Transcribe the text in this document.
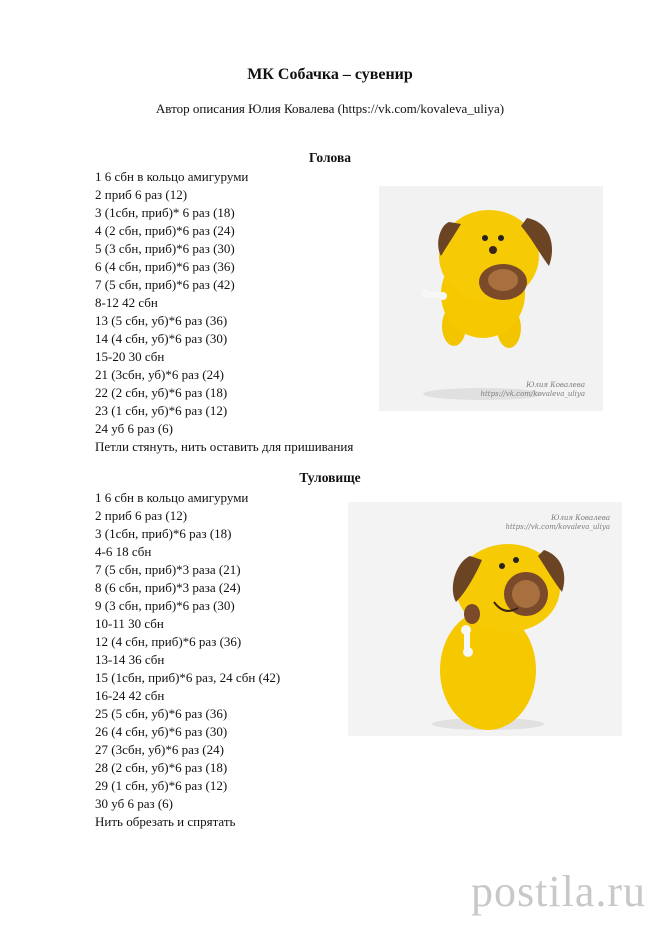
МК Собачка – сувенир
Автор описания Юлия Ковалева (https://vk.com/kovaleva_uliya)
Голова
1 6 сбн в кольцо амигуруми
2 приб 6 раз (12)
3 (1сбн, приб)* 6 раз (18)
4 (2 сбн, приб)*6 раз (24)
5 (3 сбн, приб)*6 раз (30)
6 (4 сбн, приб)*6 раз (36)
7 (5 сбн, приб)*6 раз (42)
8-12 42 сбн
13 (5 сбн, уб)*6 раз (36)
14 (4 сбн, уб)*6 раз (30)
15-20 30 сбн
21 (3сбн, уб)*6 раз (24)
22 (2 сбн, уб)*6 раз (18)
23 (1 сбн, уб)*6 раз (12)
24 уб 6 раз (6)
Петли стянуть, нить оставить для пришивания
Юлия Ковалева
https://vk.com/kovaleva_uliya
Туловище
1 6 сбн в кольцо амигуруми
2 приб 6 раз (12)
3 (1сбн, приб)*6 раз (18)
4-6 18 сбн
7 (5 сбн, приб)*3 раза (21)
8 (6 сбн, приб)*3 раза (24)
9 (3 сбн, приб)*6 раз (30)
10-11 30 сбн
12 (4 сбн, приб)*6 раз (36)
13-14 36 сбн
15 (1сбн, приб)*6 раз, 24 сбн (42)
16-24 42 сбн
25 (5 сбн, уб)*6 раз (36)
26 (4 сбн, уб)*6 раз (30)
27 (3сбн, уб)*6 раз (24)
28 (2 сбн, уб)*6 раз (18)
29 (1 сбн, уб)*6 раз (12)
30 уб 6 раз (6)
Нить обрезать и спрятать
Юлия Ковалева
https://vk.com/kovaleva_uliya
postila.ru
